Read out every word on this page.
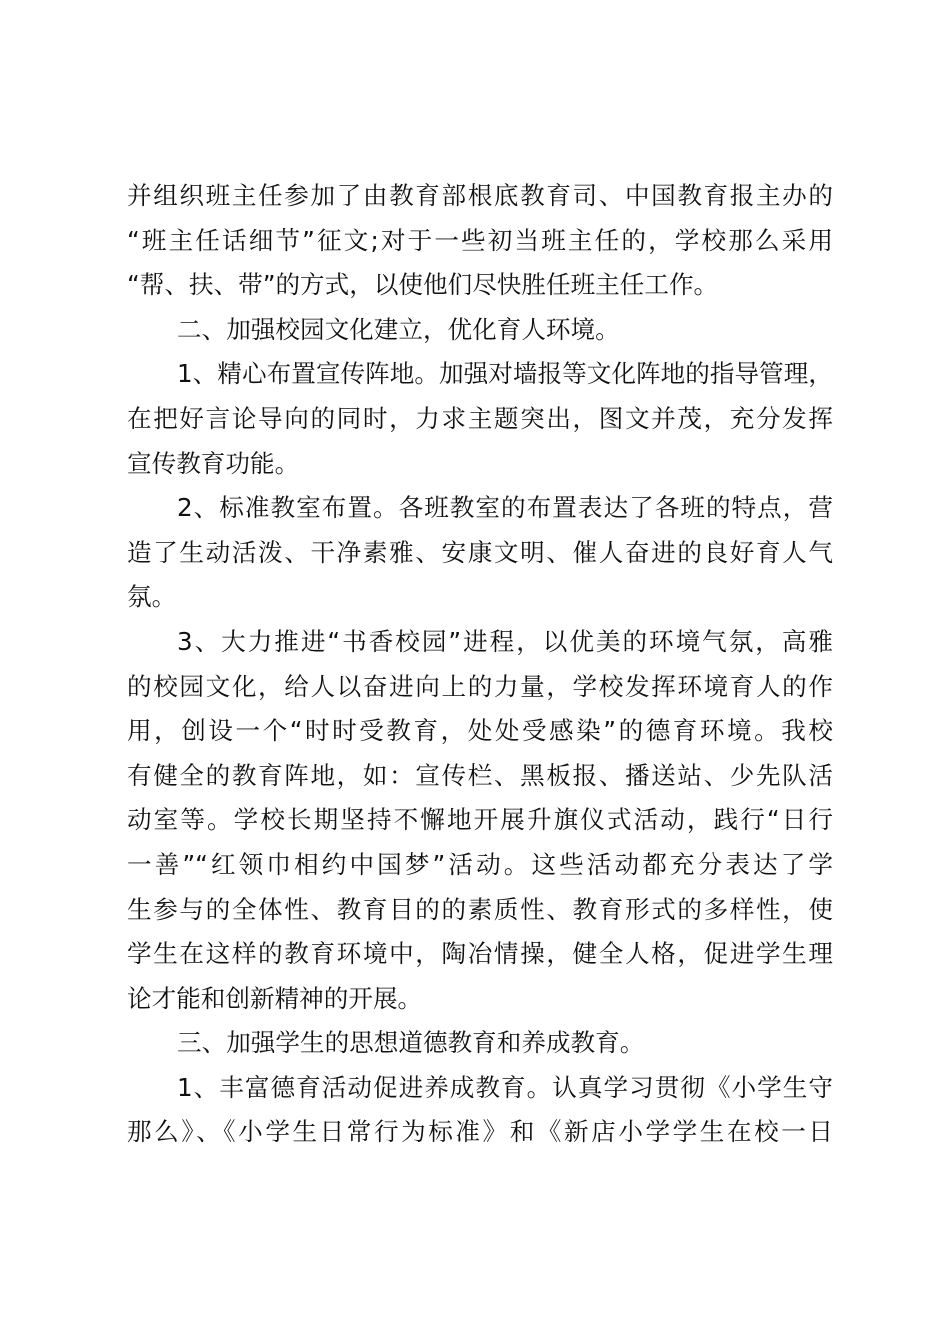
并组织班主任参加了由教育部根底教育司、中国教育报主办的
“班主任话细节”征文;对于一些初当班主任的，学校那么采用
“帮、扶、带”的方式，以使他们尽快胜任班主任工作。
二、加强校园文化建立，优化育人环境。
1、精心布置宣传阵地。加强对墙报等文化阵地的指导管理，
在把好言论导向的同时，力求主题突出，图文并茂，充分发挥
宣传教育功能。
2、标准教室布置。各班教室的布置表达了各班的特点，营
造了生动活泼、干净素雅、安康文明、催人奋进的良好育人气
氛。
3、大力推进“书香校园”进程，以优美的环境气氛，高雅
的校园文化，给人以奋进向上的力量，学校发挥环境育人的作
用，创设一个“时时受教育，处处受感染”的德育环境。我校
有健全的教育阵地，如：宣传栏、黑板报、播送站、少先队活
动室等。学校长期坚持不懈地开展升旗仪式活动，践行“日行
一善”“红领巾相约中国梦”活动。这些活动都充分表达了学
生参与的全体性、教育目的的素质性、教育形式的多样性，使
学生在这样的教育环境中，陶冶情操，健全人格，促进学生理
论才能和创新精神的开展。
三、加强学生的思想道德教育和养成教育。
1、丰富德育活动促进养成教育。认真学习贯彻《小学生守
那么》、《小学生日常行为标准》和《新店小学学生在校一日
